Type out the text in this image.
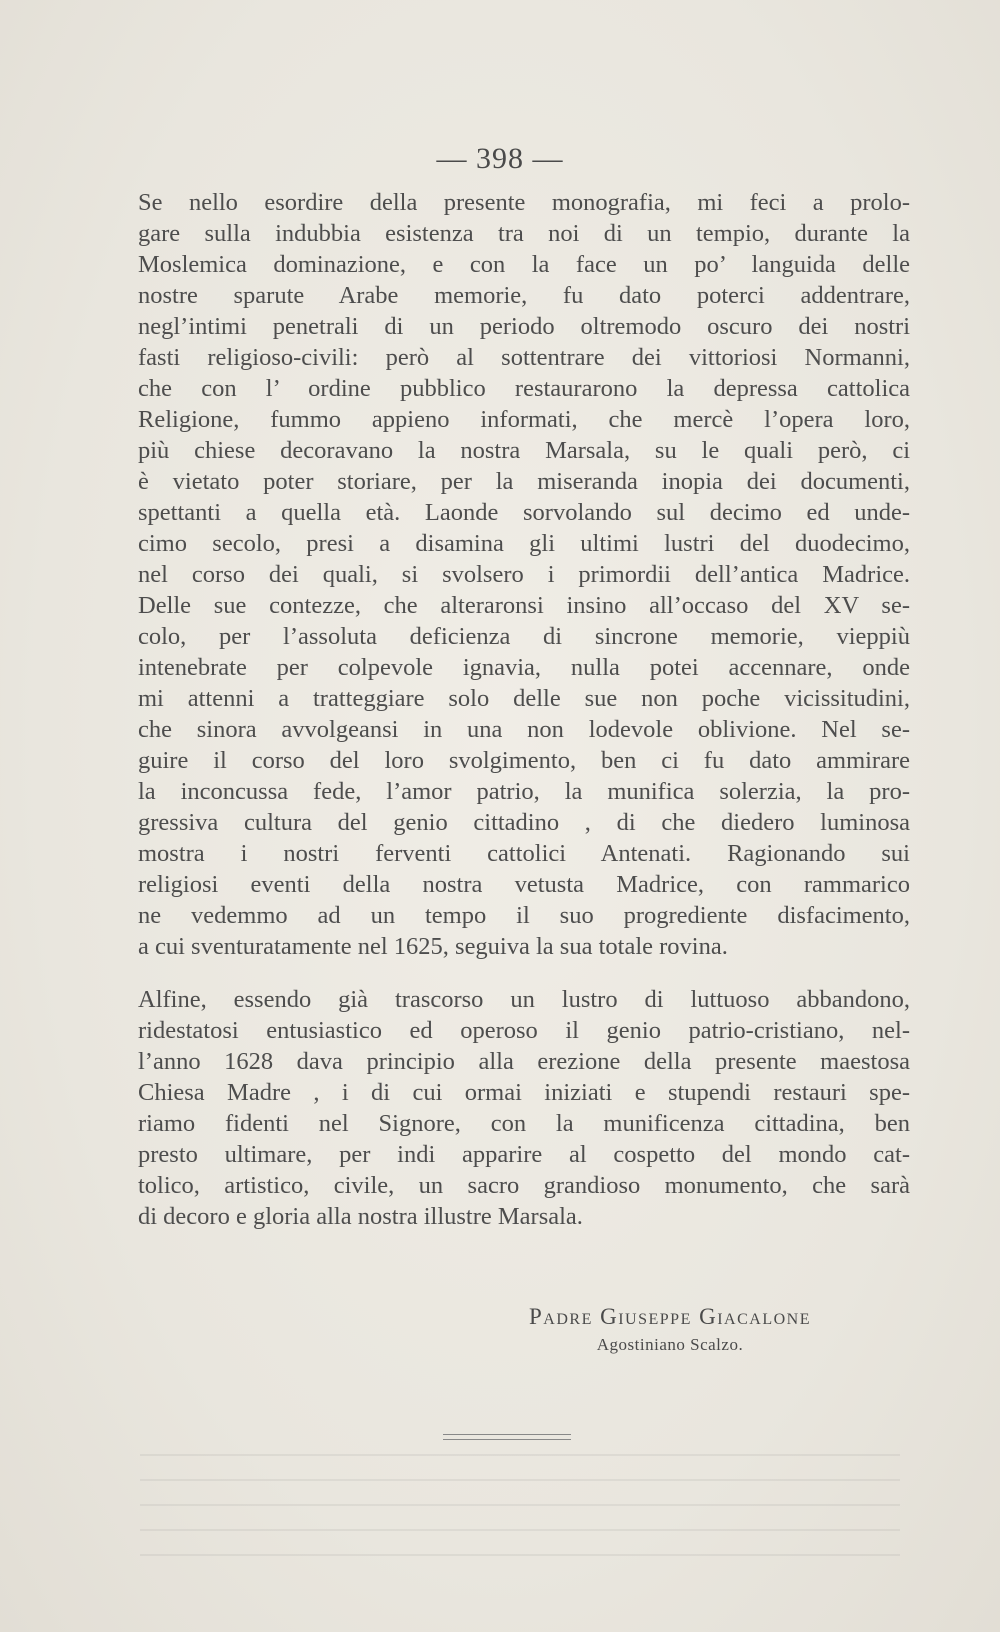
— 398 —
Se nello esordire della presente monografia, mi feci a prolo-
gare sulla indubbia esistenza tra noi di un tempio, durante la
Moslemica dominazione, e con la face un po’ languida delle
nostre sparute Arabe memorie, fu dato poterci addentrare,
negl’intimi penetrali di un periodo oltremodo oscuro dei nostri
fasti religioso-civili: però al sottentrare dei vittoriosi Normanni,
che con l’ ordine pubblico restaurarono la depressa cattolica
Religione, fummo appieno informati, che mercè l’opera loro,
più chiese decoravano la nostra Marsala, su le quali però, ci
è vietato poter storiare, per la miseranda inopia dei documenti,
spettanti a quella età. Laonde sorvolando sul decimo ed unde-
cimo secolo, presi a disamina gli ultimi lustri del duodecimo,
nel corso dei quali, si svolsero i primordii dell’antica Madrice.
Delle sue contezze, che alteraronsi insino all’occaso del XV se-
colo, per l’assoluta deficienza di sincrone memorie, vieppiù
intenebrate per colpevole ignavia, nulla potei accennare, onde
mi attenni a tratteggiare solo delle sue non poche vicissitudini,
che sinora avvolgeansi in una non lodevole oblivione. Nel se-
guire il corso del loro svolgimento, ben ci fu dato ammirare
la inconcussa fede, l’amor patrio, la munifica solerzia, la pro-
gressiva cultura del genio cittadino , di che diedero luminosa
mostra i nostri ferventi cattolici Antenati. Ragionando sui
religiosi eventi della nostra vetusta Madrice, con rammarico
ne vedemmo ad un tempo il suo progrediente disfacimento,
a cui sventuratamente nel 1625, seguiva la sua totale rovina.
Alfine, essendo già trascorso un lustro di luttuoso abbandono,
ridestatosi entusiastico ed operoso il genio patrio-cristiano, nel-
l’anno 1628 dava principio alla erezione della presente maestosa
Chiesa Madre , i di cui ormai iniziati e stupendi restauri spe-
riamo fidenti nel Signore, con la munificenza cittadina, ben
presto ultimare, per indi apparire al cospetto del mondo cat-
tolico, artistico, civile, un sacro grandioso monumento, che sarà
di decoro e gloria alla nostra illustre Marsala.
Padre Giuseppe Giacalone
Agostiniano Scalzo.
